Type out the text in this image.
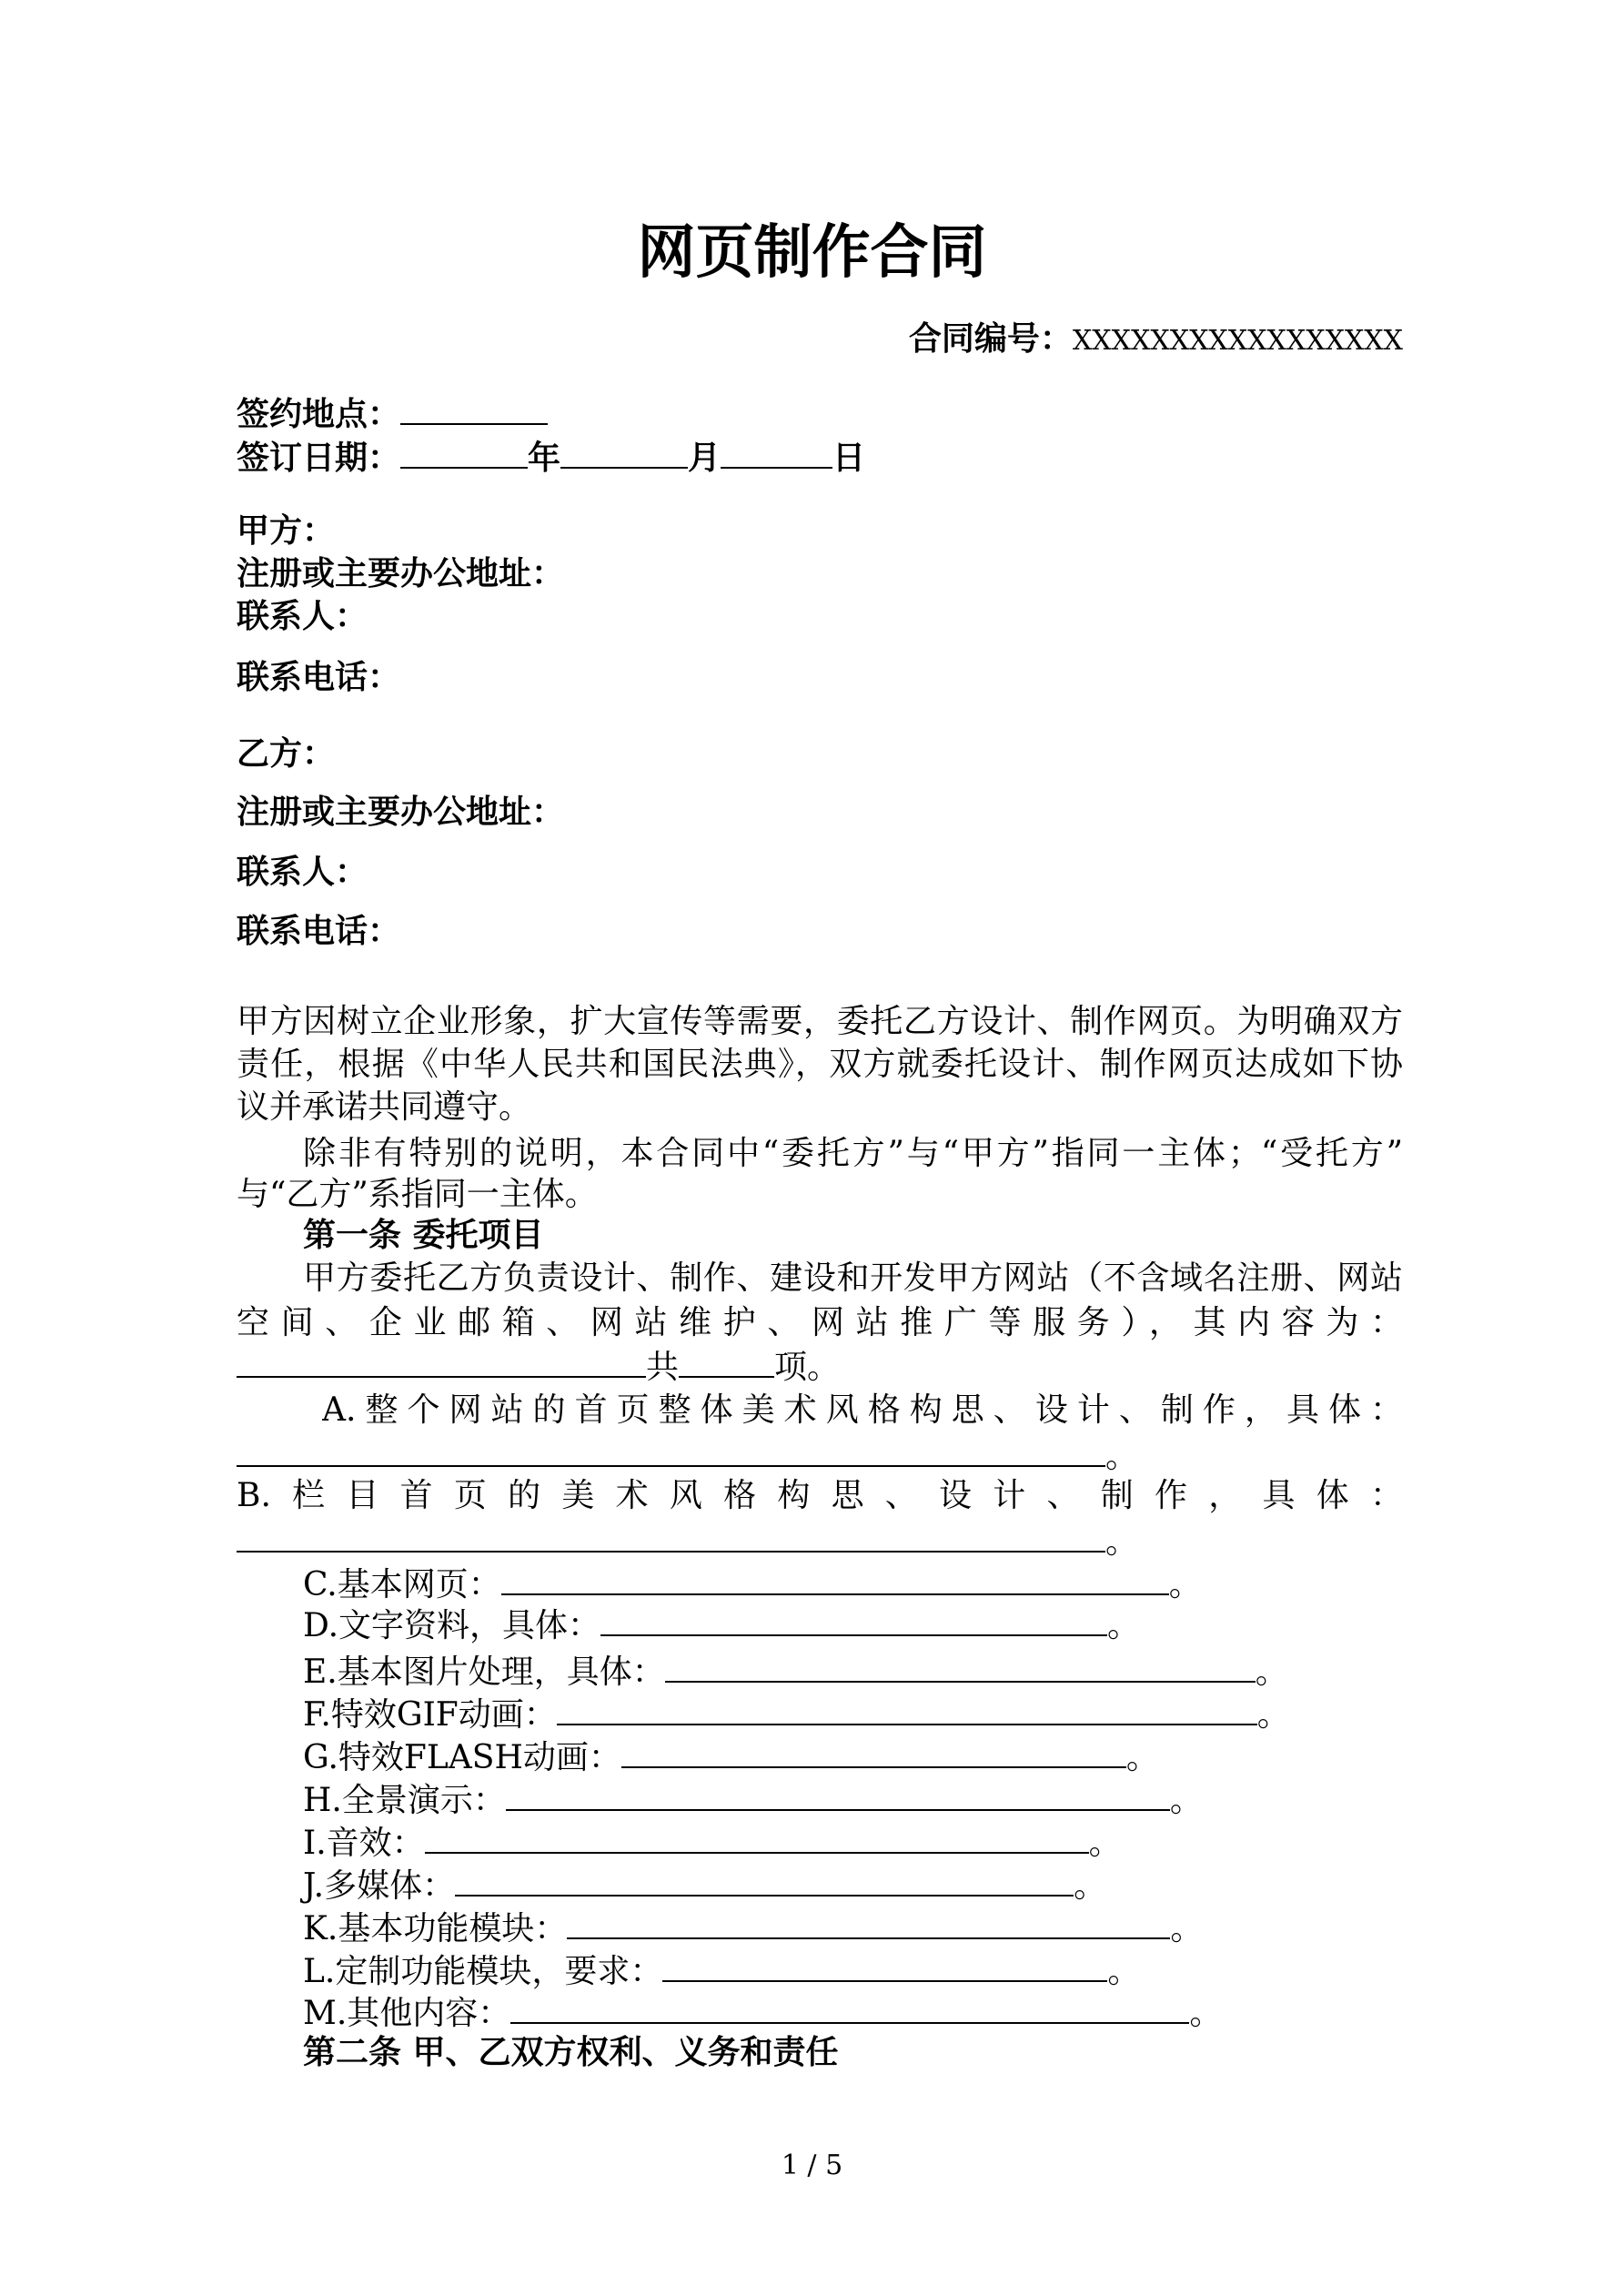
网页制作合同
合同编号：XXXXXXXXXXXXXXXXX
签约地点：
签订日期：	年	月	日
甲方：
注册或主要办公地址：
联系人：
联系电话：
乙方：
注册或主要办公地址：
联系人：
联系电话：
甲方因树立企业形象，扩大宣传等需要，委托乙方设计、制作网页。为明确双方
责任，根据《中华人民共和国民法典》，双方就委托设计、制作网页达成如下协
议并承诺共同遵守。
除非有特别的说明，本合同中“委托方”与“甲方”指同一主体；“受托方”
与“乙方”系指同一主体。
第一条 委托项目
甲方委托乙方负责设计、制作、建设和开发甲方网站（不含域名注册、网站
空间、企业邮箱、网站维护、网站推广等服务），其内容为：
共	项。
A.整个网站的首页整体美术风格构思、设计、制作，具体：
。
B.栏目首页的美术风格构思、设计、制作，具体：
。
C.基本网页：	。
D.文字资料，具体：	。
E.基本图片处理，具体：	。
F.特效GIF动画：	。
G.特效FLASH动画：	。
H.全景演示：	。
I.音效：	。
J.多媒体：	。
K.基本功能模块：	。
L.定制功能模块，要求：	。
M.其他内容：	。
第二条 甲、乙双方权利、义务和责任
1 / 5
